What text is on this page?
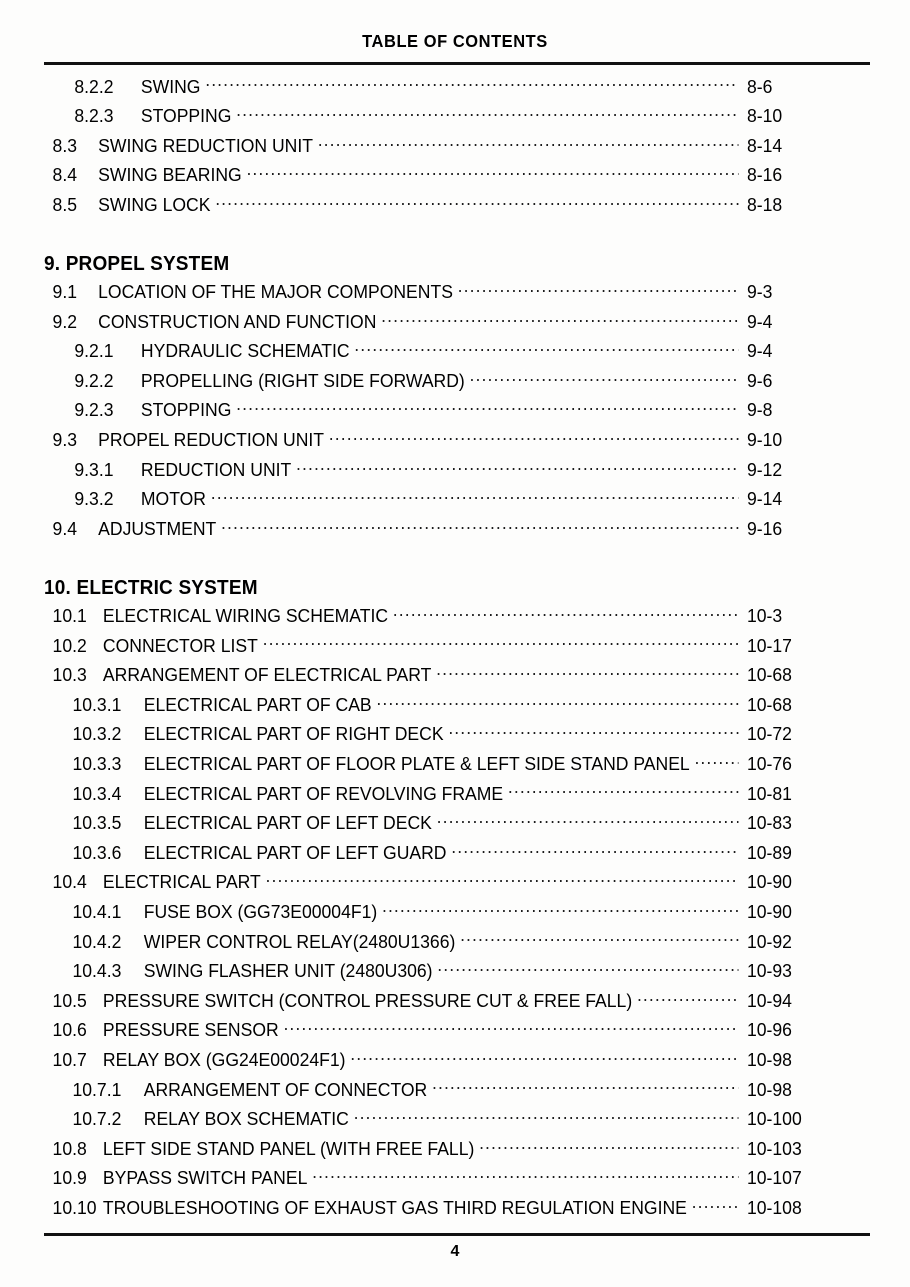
TABLE OF CONTENTS
8.2.2	SWING .....	8-6
8.2.3	STOPPING .....	8-10
8.3	SWING REDUCTION UNIT .....	8-14
8.4	SWING BEARING .....	8-16
8.5	SWING LOCK .....	8-18
9. PROPEL SYSTEM
9.1	LOCATION OF THE MAJOR COMPONENTS .....	9-3
9.2	CONSTRUCTION AND FUNCTION .....	9-4
9.2.1	HYDRAULIC SCHEMATIC .....	9-4
9.2.2	PROPELLING (RIGHT SIDE FORWARD) .....	9-6
9.2.3	STOPPING .....	9-8
9.3	PROPEL REDUCTION UNIT .....	9-10
9.3.1	REDUCTION UNIT .....	9-12
9.3.2	MOTOR .....	9-14
9.4	ADJUSTMENT .....	9-16
10. ELECTRIC SYSTEM
10.1 ELECTRICAL WIRING SCHEMATIC .....	10-3
10.2 CONNECTOR LIST .....	10-17
10.3 ARRANGEMENT OF ELECTRICAL PART .....	10-68
10.3.1	ELECTRICAL PART OF CAB .....	10-68
10.3.2	ELECTRICAL PART OF RIGHT DECK .....	10-72
10.3.3	ELECTRICAL PART OF FLOOR PLATE & LEFT SIDE STAND PANEL .....	10-76
10.3.4	ELECTRICAL PART OF REVOLVING FRAME .....	10-81
10.3.5	ELECTRICAL PART OF LEFT DECK .....	10-83
10.3.6	ELECTRICAL PART OF LEFT GUARD .....	10-89
10.4 ELECTRICAL PART .....	10-90
10.4.1	FUSE BOX (GG73E00004F1) .....	10-90
10.4.2	WIPER CONTROL RELAY(2480U1366) .....	10-92
10.4.3	SWING FLASHER UNIT (2480U306) .....	10-93
10.5 PRESSURE SWITCH (CONTROL PRESSURE CUT & FREE FALL) .....	10-94
10.6 PRESSURE SENSOR .....	10-96
10.7 RELAY BOX (GG24E00024F1) .....	10-98
10.7.1	ARRANGEMENT OF CONNECTOR .....	10-98
10.7.2	RELAY BOX SCHEMATIC .....	10-100
10.8 LEFT SIDE STAND PANEL (WITH FREE FALL) .....	10-103
10.9 BYPASS SWITCH PANEL .....	10-107
10.10 TROUBLESHOOTING OF EXHAUST GAS THIRD REGULATION ENGINE .....	10-108
4
